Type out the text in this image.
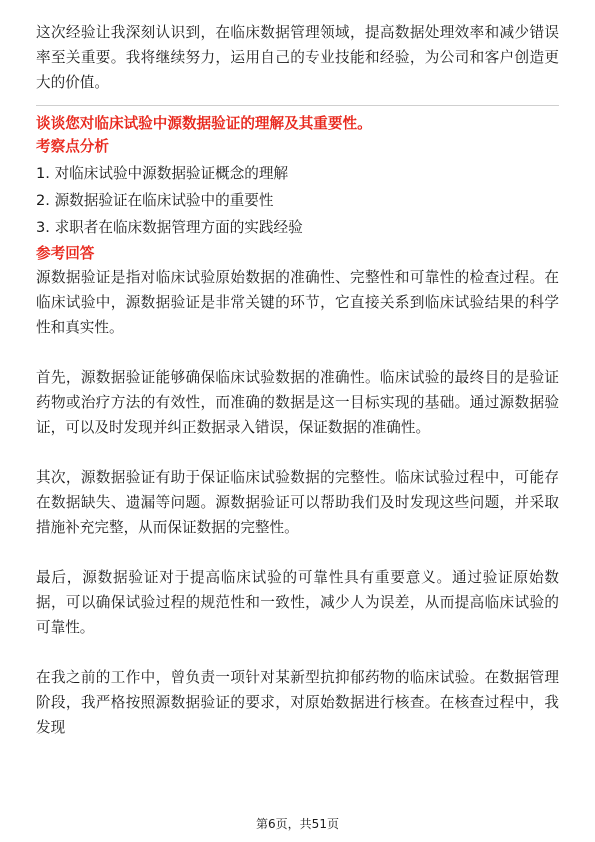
这次经验让我深刻认识到，在临床数据管理领域，提高数据处理效率和减少错误率至关重要。我将继续努力，运用自己的专业技能和经验，为公司和客户创造更大的价值。

谈谈您对临床试验中源数据验证的理解及其重要性。

考察点分析

1. 对临床试验中源数据验证概念的理解
2. 源数据验证在临床试验中的重要性
3. 求职者在临床数据管理方面的实践经验

参考回答

源数据验证是指对临床试验原始数据的准确性、完整性和可靠性的检查过程。在临床试验中，源数据验证是非常关键的环节，它直接关系到临床试验结果的科学性和真实性。

首先，源数据验证能够确保临床试验数据的准确性。临床试验的最终目的是验证药物或治疗方法的有效性，而准确的数据是这一目标实现的基础。通过源数据验证，可以及时发现并纠正数据录入错误，保证数据的准确性。

其次，源数据验证有助于保证临床试验数据的完整性。临床试验过程中，可能存在数据缺失、遗漏等问题。源数据验证可以帮助我们及时发现这些问题，并采取措施补充完整，从而保证数据的完整性。

最后，源数据验证对于提高临床试验的可靠性具有重要意义。通过验证原始数据，可以确保试验过程的规范性和一致性，减少人为误差，从而提高临床试验的可靠性。

在我之前的工作中，曾负责一项针对某新型抗抑郁药物的临床试验。在数据管理阶段，我严格按照源数据验证的要求，对原始数据进行核查。在核查过程中，我发现

第6页，共51页
